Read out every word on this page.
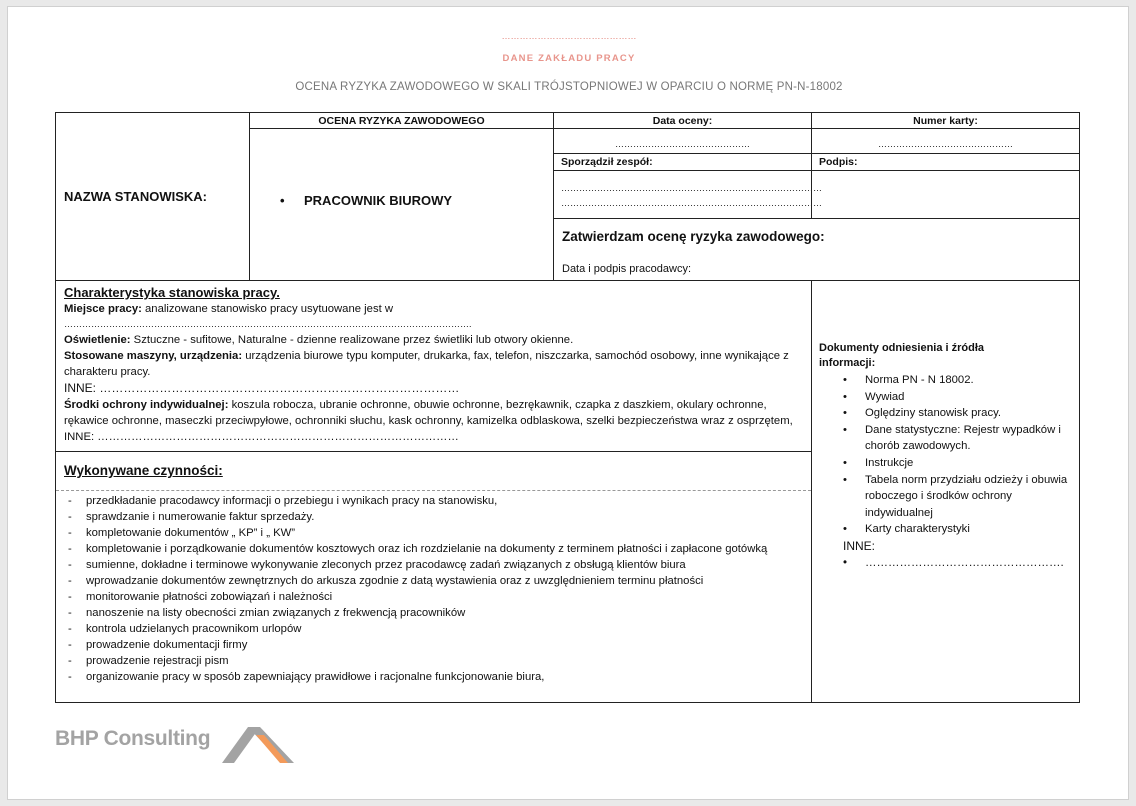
………………………………………
DANE ZAKŁADU PRACY
OCENA RYZYKA ZAWODOWEGO W SKALI TRÓJSTOPNIOWEJ W OPARCIU O NORMĘ PN-N-18002
NAZWA STANOWISKA:
OCENA RYZYKA ZAWODOWEGO
• PRACOWNIK BIUROWY
Data oceny:
………………………………………
Numer karty:
………………………………………
Sporządził zespół:
……………………………………………………………………………
……………………………………………………………………………
Podpis:
Zatwierdzam ocenę ryzyka zawodowego:
Data i podpis pracodawcy:
Charakterystyka stanowiska pracy.
Miejsce pracy: analizowane stanowisko pracy usytuowane jest w
……………………………………………………………………………………………………………………….
Oświetlenie: Sztuczne - sufitowe, Naturalne - dzienne realizowane przez świetliki lub otwory okienne.
Stosowane maszyny, urządzenia: urządzenia biurowe typu komputer, drukarka, fax, telefon, niszczarka, samochód osobowy, inne wynikające z charakteru pracy.
INNE: ………………………………………………………………………………
Środki ochrony indywidualnej: koszula robocza, ubranie ochronne, obuwie ochronne, bezrękawnik, czapka z daszkiem, okulary ochronne, rękawice ochronne, maseczki przeciwpyłowe, ochronniki słuchu, kask ochronny, kamizelka odblaskowa, szelki bezpieczeństwa wraz z osprzętem, INNE: ……………………………………………………………………………………
Wykonywane czynności:
- przedkładanie pracodawcy informacji o przebiegu i wynikach pracy na stanowisku,
- sprawdzanie i numerowanie faktur sprzedaży.
- kompletowanie dokumentów „ KP” i „ KW”
- kompletowanie i porządkowanie dokumentów kosztowych oraz ich rozdzielanie na dokumenty z terminem płatności i zapłacone gotówką
- sumienne, dokładne i terminowe wykonywanie zleconych przez pracodawcę zadań związanych z obsługą klientów biura
- wprowadzanie dokumentów zewnętrznych do arkusza zgodnie z datą wystawienia oraz z uwzględnieniem terminu płatności
- monitorowanie płatności zobowiązań i należności
- nanoszenie na listy obecności zmian związanych z frekwencją pracowników
- kontrola udzielanych pracownikom urlopów
- prowadzenie dokumentacji firmy
- prowadzenie rejestracji pism
- organizowanie pracy w sposób zapewniający prawidłowe i racjonalne funkcjonowanie biura,
Dokumenty odniesienia i źródła informacji:
• Norma PN - N 18002.
• Wywiad
• Oględziny stanowisk pracy.
• Dane statystyczne: Rejestr wypadków i chorób zawodowych.
• Instrukcje
• Tabela norm przydziału odzieży i obuwia roboczego i środków ochrony indywidualnej
• Karty charakterystyki
INNE:
• …………………………………………….
BHP Consulting
